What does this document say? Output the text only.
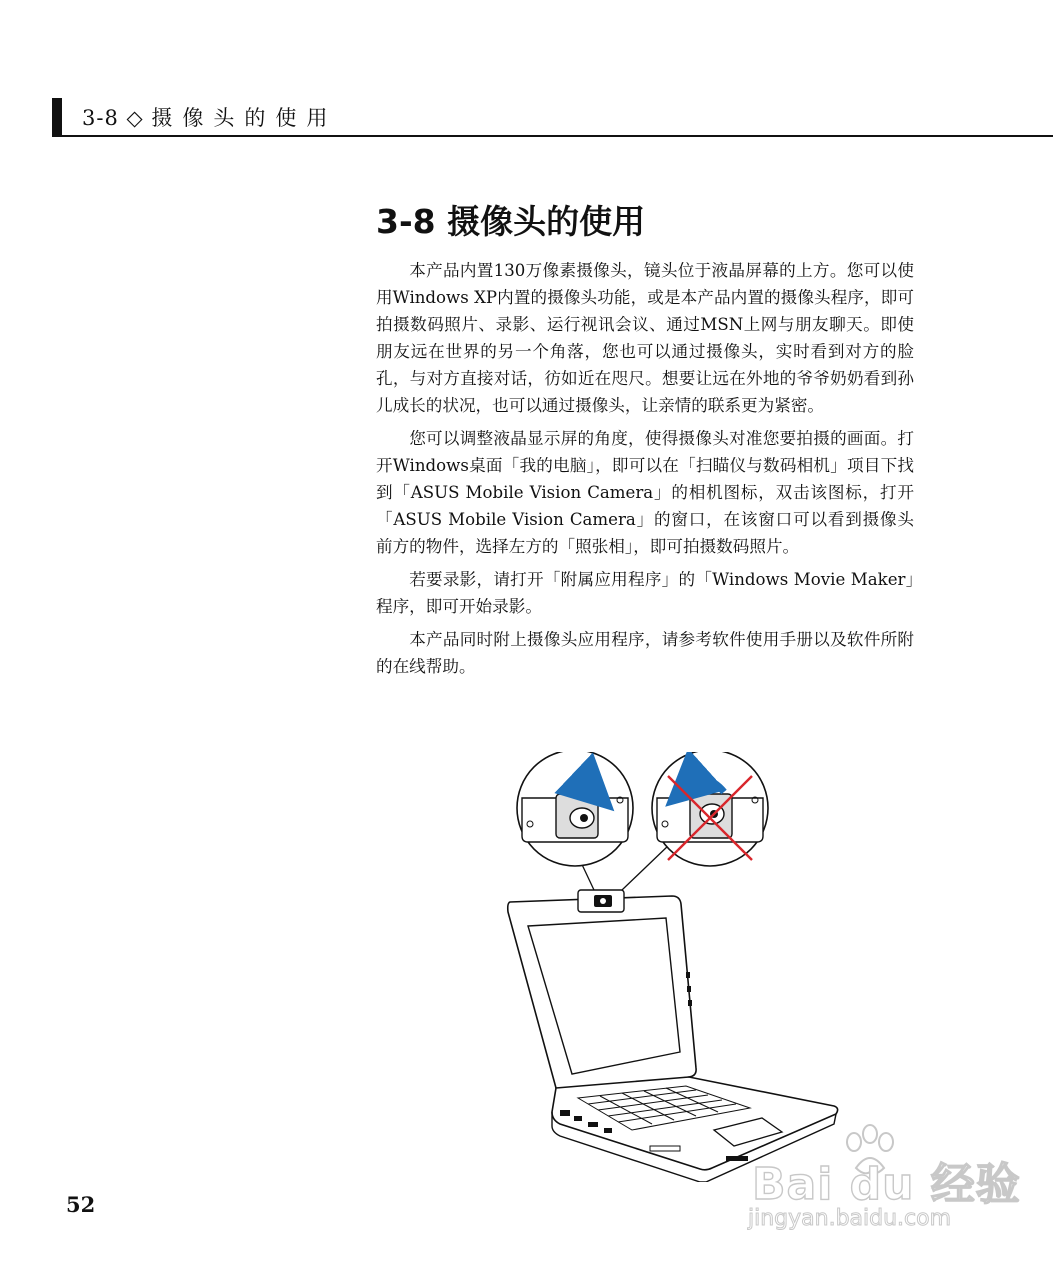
3-8 ◇ 摄像头的使用
3-8 摄像头的使用

本产品内置130万像素摄像头，镜头位于液晶屏幕的上方。您可以使用Windows XP内置的摄像头功能，或是本产品内置的摄像头程序，即可拍摄数码照片、录影、运行视讯会议、通过MSN上网与朋友聊天。即使朋友远在世界的另一个角落，您也可以通过摄像头，实时看到对方的脸孔，与对方直接对话，彷如近在咫尺。想要让远在外地的爷爷奶奶看到孙儿成长的状况，也可以通过摄像头，让亲情的联系更为紧密。

您可以调整液晶显示屏的角度，使得摄像头对准您要拍摄的画面。打开Windows桌面「我的电脑」，即可以在「扫瞄仪与数码相机」项目下找到「ASUS Mobile Vision Camera」的相机图标，双击该图标，打开「ASUS Mobile Vision Camera」的窗口，在该窗口可以看到摄像头前方的物件，选择左方的「照张相」，即可拍摄数码照片。

若要录影，请打开「附属应用程序」的「Windows Movie Maker」程序，即可开始录影。

本产品同时附上摄像头应用程序，请参考软件使用手册以及软件所附的在线帮助。

52	Bai du 经验
jingyan.baidu.com
